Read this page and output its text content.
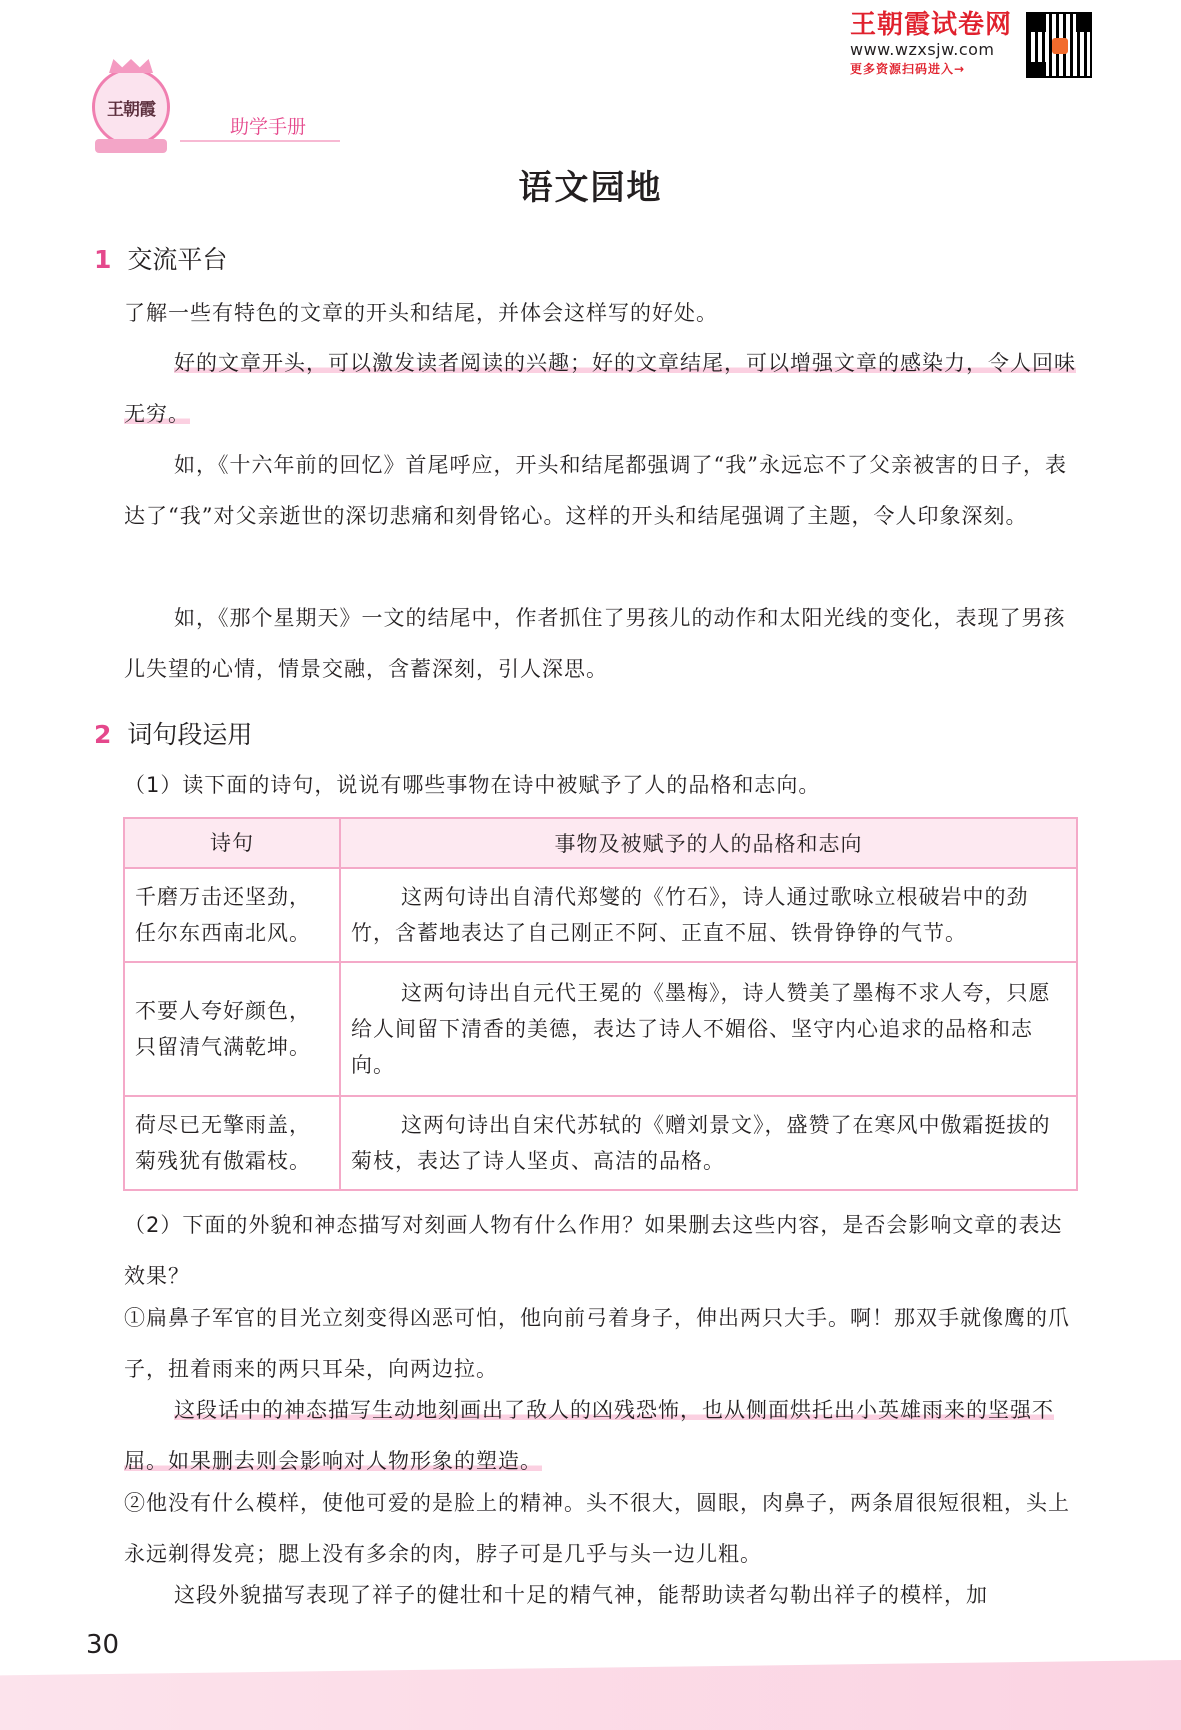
王朝霞
助学手册
王朝霞试卷网
www.wzxsjw.com
更多资源扫码进入→
语文园地
1 交流平台
了解一些有特色的文章的开头和结尾，并体会这样写的好处。
好的文章开头，可以激发读者阅读的兴趣；好的文章结尾，可以增强文章的感染力，令人回味无穷。
如，《十六年前的回忆》首尾呼应，开头和结尾都强调了“我”永远忘不了父亲被害的日子，表达了“我”对父亲逝世的深切悲痛和刻骨铭心。这样的开头和结尾强调了主题，令人印象深刻。
如，《那个星期天》一文的结尾中，作者抓住了男孩儿的动作和太阳光线的变化，表现了男孩儿失望的心情，情景交融，含蓄深刻，引人深思。
2 词句段运用
（1）读下面的诗句，说说有哪些事物在诗中被赋予了人的品格和志向。
诗句	事物及被赋予的人的品格和志向
千磨万击还坚劲，任尔东西南北风。	这两句诗出自清代郑燮的《竹石》，诗人通过歌咏立根破岩中的劲竹，含蓄地表达了自己刚正不阿、正直不屈、铁骨铮铮的气节。
不要人夸好颜色，只留清气满乾坤。	这两句诗出自元代王冕的《墨梅》，诗人赞美了墨梅不求人夸，只愿给人间留下清香的美德，表达了诗人不媚俗、坚守内心追求的品格和志向。
荷尽已无擎雨盖，菊残犹有傲霜枝。	这两句诗出自宋代苏轼的《赠刘景文》，盛赞了在寒风中傲霜挺拔的菊枝，表达了诗人坚贞、高洁的品格。
（2）下面的外貌和神态描写对刻画人物有什么作用？如果删去这些内容，是否会影响文章的表达效果？
①扁鼻子军官的目光立刻变得凶恶可怕，他向前弓着身子，伸出两只大手。啊！那双手就像鹰的爪子，扭着雨来的两只耳朵，向两边拉。
这段话中的神态描写生动地刻画出了敌人的凶残恐怖，也从侧面烘托出小英雄雨来的坚强不屈。如果删去则会影响对人物形象的塑造。
②他没有什么模样，使他可爱的是脸上的精神。头不很大，圆眼，肉鼻子，两条眉很短很粗，头上永远剃得发亮；腮上没有多余的肉，脖子可是几乎与头一边儿粗。
这段外貌描写表现了祥子的健壮和十足的精气神，能帮助读者勾勒出祥子的模样，加
30
